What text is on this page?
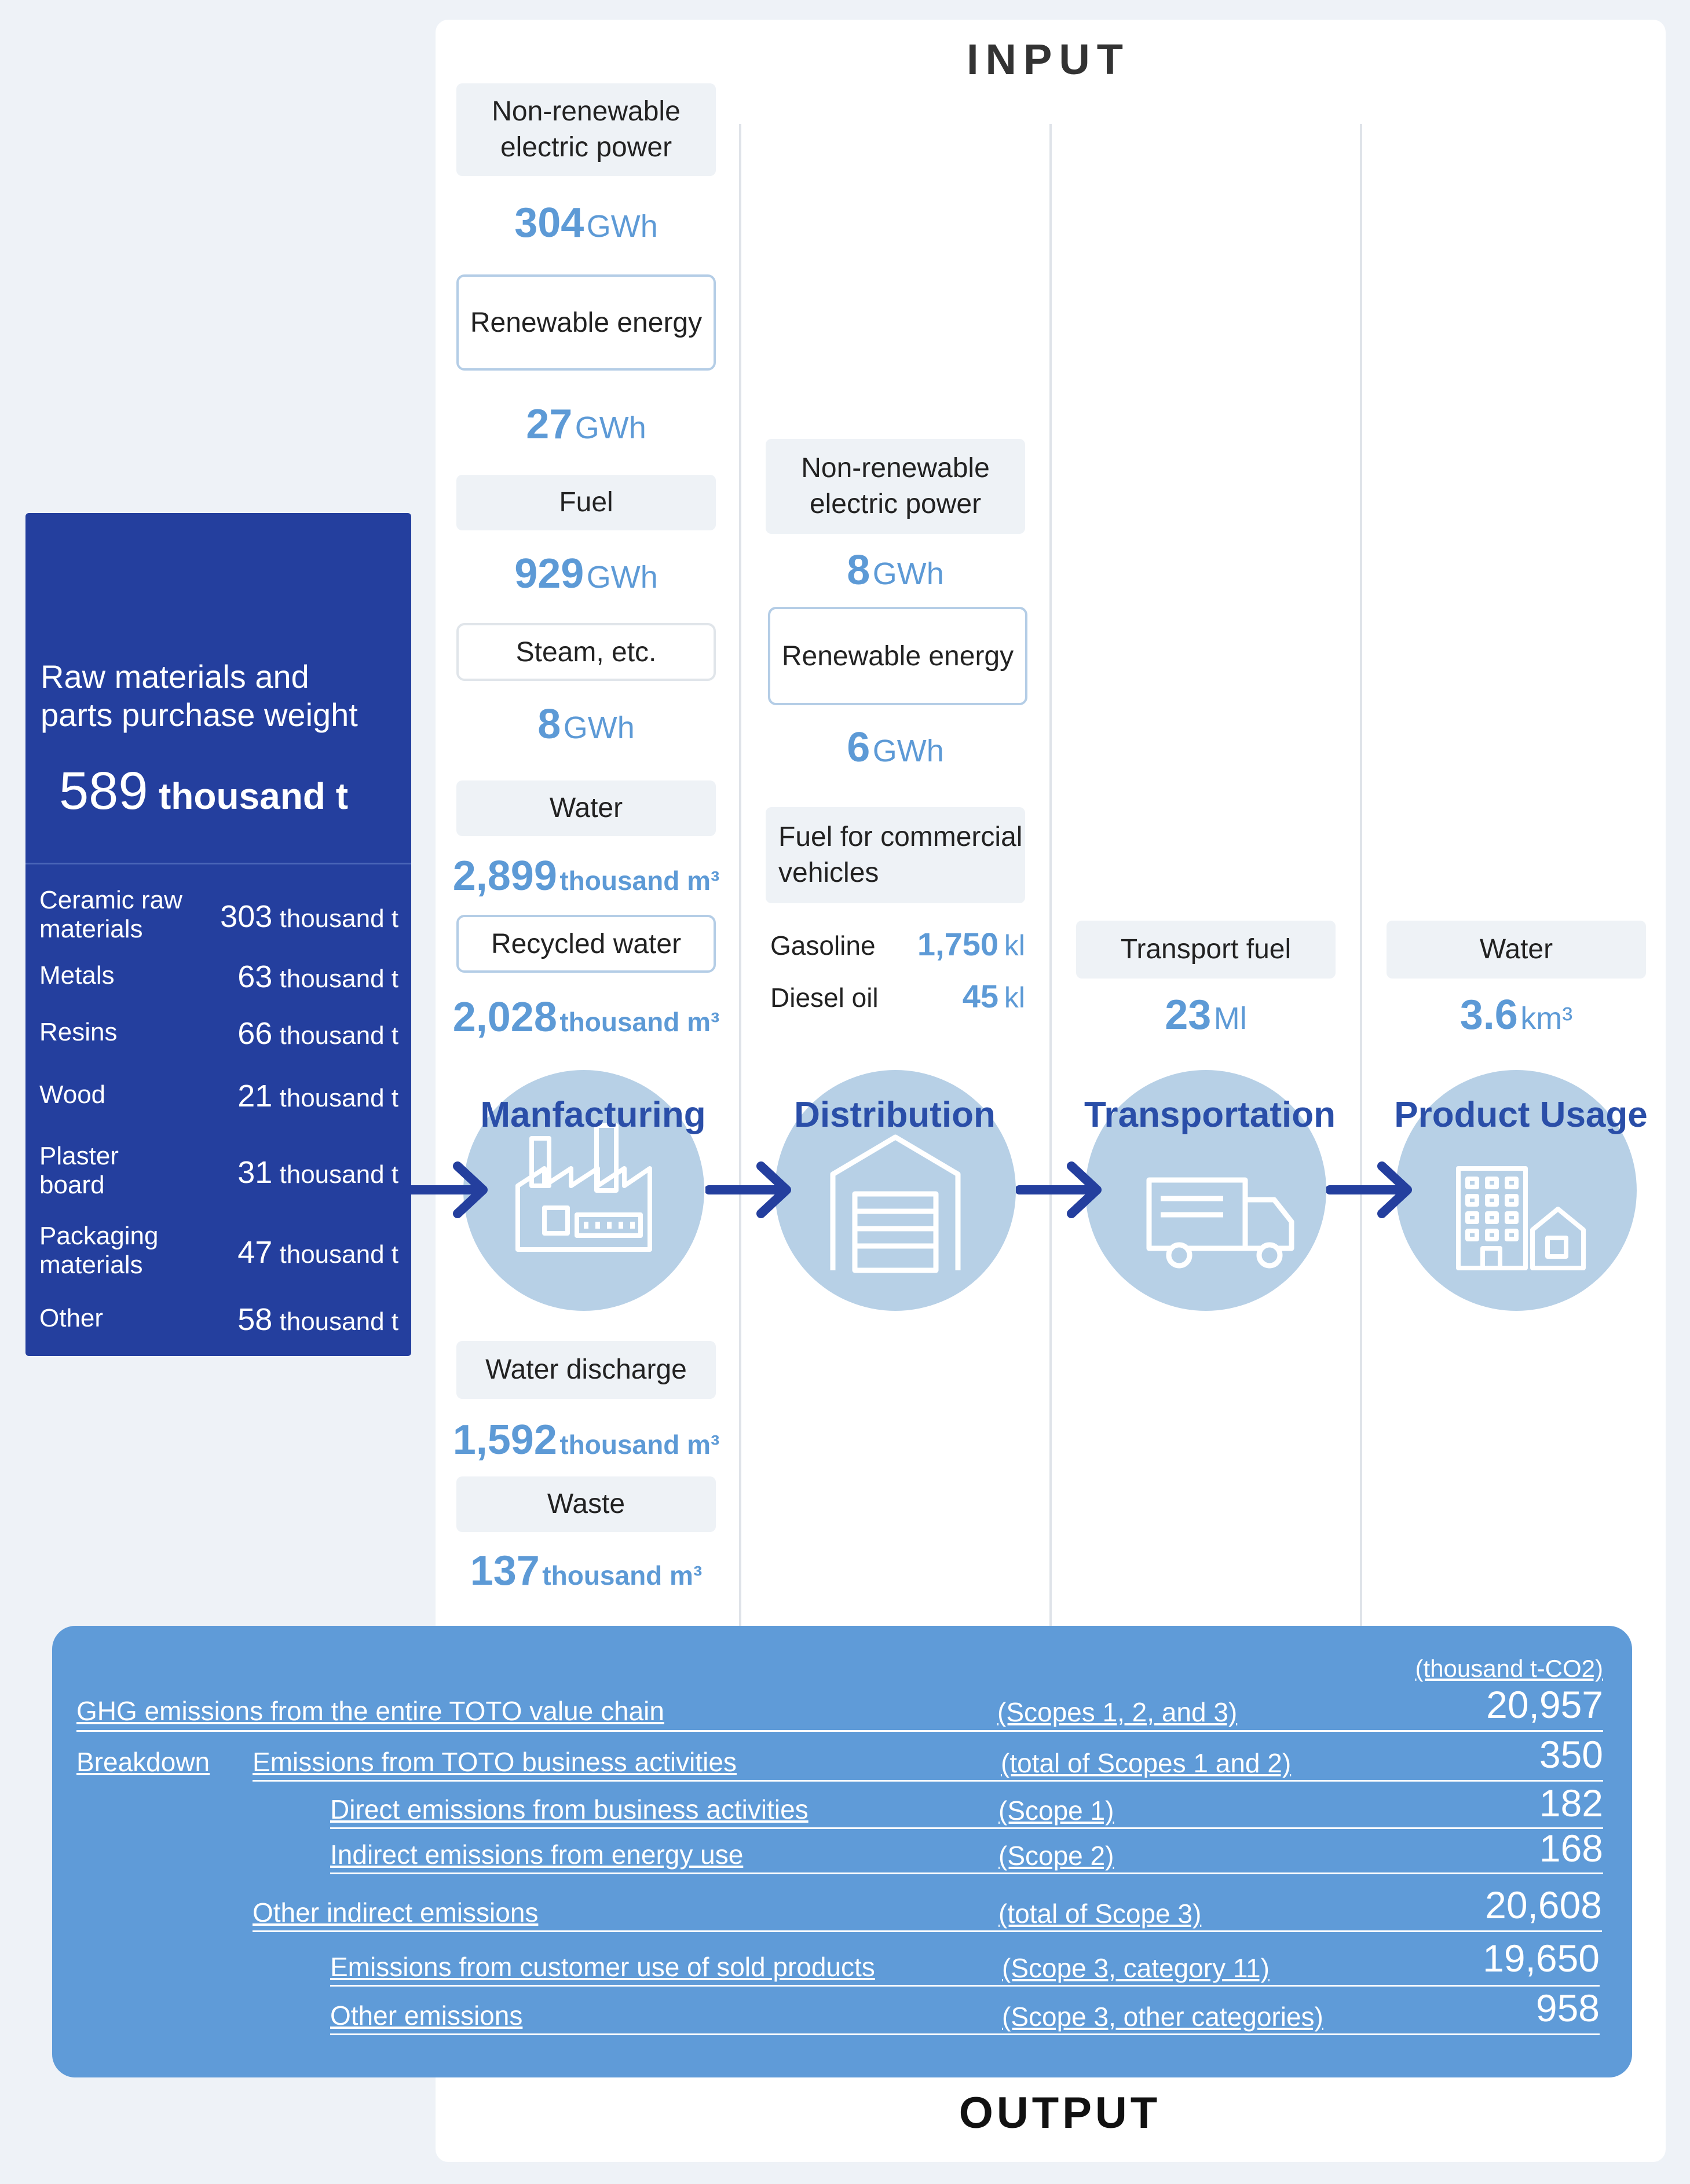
INPUT
Raw materials and
parts purchase weight
589 thousand t
Ceramic raw
materials	303 thousand t
Metals	63 thousand t
Resins	66 thousand t
Wood	21 thousand t
Plaster
board	31 thousand t
Packaging
materials	47 thousand t
Other	58 thousand t
Non-renewable
electric power
304 GWh
Renewable energy
27 GWh
Fuel
929 GWh
Steam, etc.
8 GWh
Water
2,899 thousand m³
Recycled water
2,028 thousand m³
Water discharge
1,592 thousand m³
Waste
137 thousand m³
Non-renewable
electric power
8 GWh
Renewable energy
6 GWh
Fuel for commercial
vehicles
Gasoline	1,750 kl
Diesel oil	45 kl
Transport fuel
23 Ml
Water
3.6 km³
Manfacturing	Distribution	Transportation	Product Usage
(thousand t-CO2)
GHG emissions from the entire TOTO value chain	(Scopes 1, 2, and 3)	20,957
Breakdown Emissions from TOTO business activities	(total of Scopes 1 and 2)	350
Direct emissions from business activities	(Scope 1)	182
Indirect emissions from energy use	(Scope 2)	168
Other indirect emissions	(total of Scope 3)	20,608
Emissions from customer use of sold products	(Scope 3, category 11)	19,650
Other emissions	(Scope 3, other categories)	958
OUTPUT
